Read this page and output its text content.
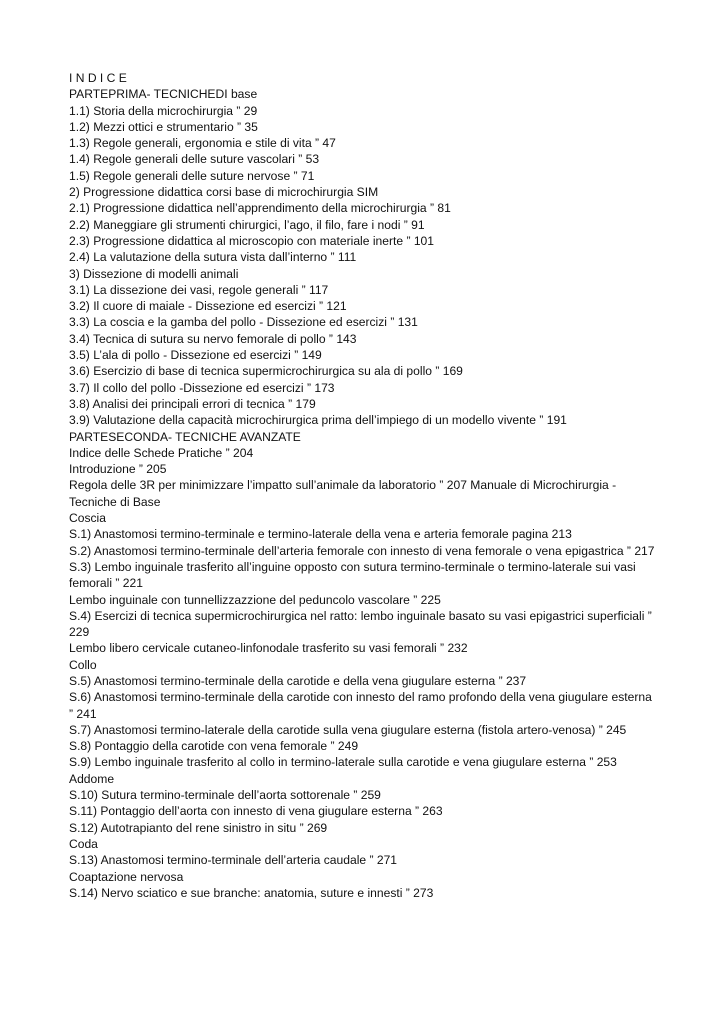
I N D I C E
PARTEPRIMA- TECNICHEDI base
1.1) Storia della microchirurgia ” 29
1.2) Mezzi ottici e strumentario ” 35
1.3) Regole generali, ergonomia e stile di vita ” 47
1.4) Regole generali delle suture vascolari ” 53
1.5) Regole generali delle suture nervose ” 71
2) Progressione didattica corsi base di microchirurgia SIM
2.1) Progressione didattica nell’apprendimento della microchirurgia ” 81
2.2) Maneggiare gli strumenti chirurgici, l’ago, il filo, fare i nodi ” 91
2.3) Progressione didattica al microscopio con materiale inerte ” 101
2.4) La valutazione della sutura vista dall’interno ” 111
3) Dissezione di modelli animali
3.1) La dissezione dei vasi, regole generali ” 117
3.2) Il cuore di maiale - Dissezione ed esercizi ” 121
3.3) La coscia e la gamba del pollo - Dissezione ed esercizi ” 131
3.4) Tecnica di sutura su nervo femorale di pollo ” 143
3.5) L’ala di pollo - Dissezione ed esercizi ” 149
3.6) Esercizio di base di tecnica supermicrochirurgica su ala di pollo ” 169
3.7) Il collo del pollo -Dissezione ed esercizi ” 173
3.8) Analisi dei principali errori di tecnica ” 179
3.9) Valutazione della capacità microchirurgica prima dell’impiego di un modello vivente ” 191
PARTESECONDA- TECNICHE AVANZATE
Indice delle Schede Pratiche ” 204
Introduzione ” 205
Regola delle 3R per minimizzare l’impatto sull’animale da laboratorio ” 207 Manuale di Microchirurgia - Tecniche di Base
Coscia
S.1) Anastomosi termino-terminale e termino-laterale della vena e arteria femorale pagina 213
S.2) Anastomosi termino-terminale dell’arteria femorale con innesto di vena femorale o vena epigastrica ” 217
S.3) Lembo inguinale trasferito all’inguine opposto con sutura termino-terminale o termino-laterale sui vasi femorali ” 221
Lembo inguinale con tunnellizzazzione del peduncolo vascolare ” 225
S.4) Esercizi di tecnica supermicrochirurgica nel ratto: lembo inguinale basato su vasi epigastrici superficiali ” 229
Lembo libero cervicale cutaneo-linfonodale trasferito su vasi femorali ” 232
Collo
S.5) Anastomosi termino-terminale della carotide e della vena giugulare esterna ” 237
S.6) Anastomosi termino-terminale della carotide con innesto del ramo profondo della vena giugulare esterna ” 241
S.7) Anastomosi termino-laterale della carotide sulla vena giugulare esterna (fistola artero-venosa) ” 245
S.8) Pontaggio della carotide con vena femorale ” 249
S.9) Lembo inguinale trasferito al collo in termino-laterale sulla carotide e vena giugulare esterna ” 253
Addome
S.10) Sutura termino-terminale dell’aorta sottorenale ” 259
S.11) Pontaggio dell’aorta con innesto di vena giugulare esterna ” 263
S.12) Autotrapianto del rene sinistro in situ ” 269
Coda
S.13) Anastomosi termino-terminale dell’arteria caudale ” 271
Coaptazione nervosa
S.14) Nervo sciatico e sue branche: anatomia, suture e innesti ” 273
